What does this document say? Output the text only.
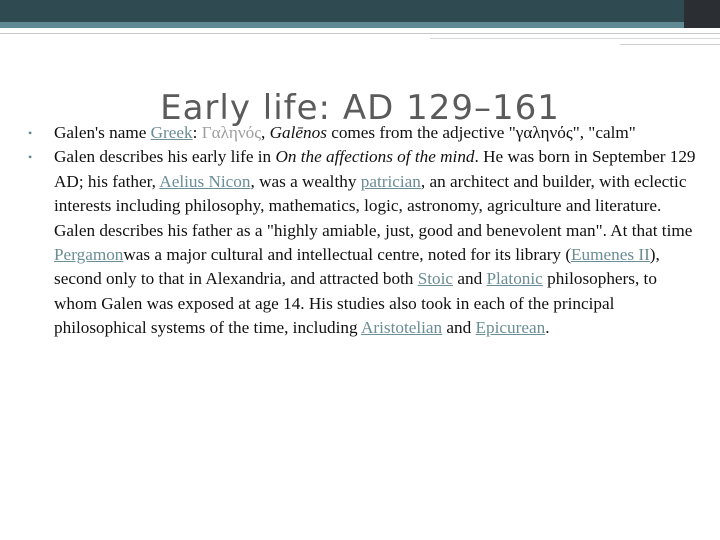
Early life: AD 129–161
• Galen's name Greek: Γαληνός, Galēnos comes from the adjective "γαληνός", "calm"
• Galen describes his early life in On the affections of the mind. He was born in September 129 AD; his father, Aelius Nicon, was a wealthy patrician, an architect and builder, with eclectic interests including philosophy, mathematics, logic, astronomy, agriculture and literature. Galen describes his father as a "highly amiable, just, good and benevolent man". At that time Pergamonwas a major cultural and intellectual centre, noted for its library (Eumenes II), second only to that in Alexandria, and attracted both Stoic and Platonic philosophers, to whom Galen was exposed at age 14. His studies also took in each of the principal philosophical systems of the time, including Aristotelian and Epicurean.
